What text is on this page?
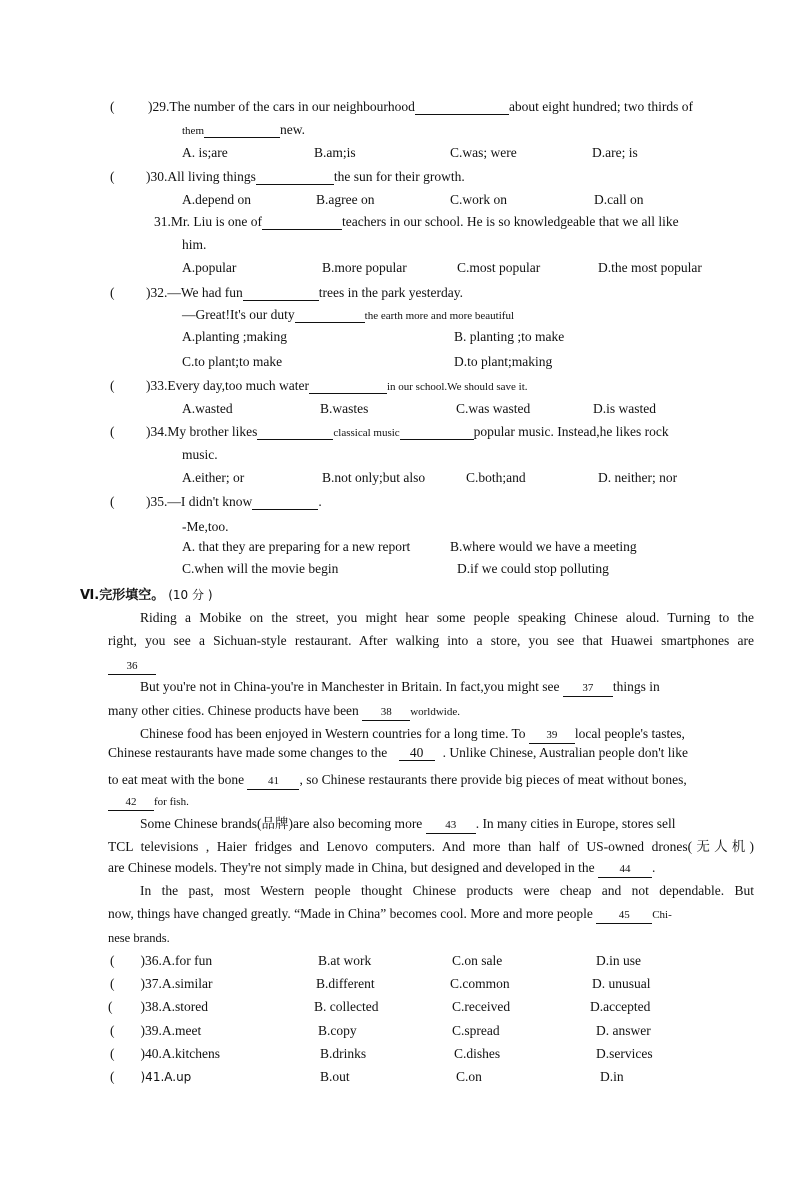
( )29.The number of the cars in our neighbourhood	about eight hundred; two thirds of
them	new.
A. is;are	B.am;is	C.was; were	D.are; is
( )30.All living things	the sun for their growth.
A.depend on	B.agree on	C.work on	D.call on
31.Mr. Liu is one of	teachers in our school. He is so knowledgeable that we all like
him.
A.popular	B.more popular	C.most popular	D.the most popular
( )32.—We had fun	trees in the park yesterday.
—Great!It's our duty	the earth more and more beautiful
A.planting ;making	B. planting ;to make
C.to plant;to make	D.to plant;making
( )33.Every day,too much water	in our school.We should save it.
A.wasted	B.wastes	C.was wasted	D.is wasted
( )34.My brother likes	classical music	popular music. Instead,he likes rock
music.
A.either; or	B.not only;but also	C.both;and	D. neither; nor
( )35.—I didn't know	.
-Me,too.
A. that they are preparing for a new report	B.where would we have a meeting
C.when will the movie begin	D.if we could stop polluting
Ⅵ.完形填空。 (10 分 )
Riding a Mobike on the street, you might hear some people speaking Chinese aloud. Turning to the
right, you see a Sichuan-style restaurant. After walking into a store, you see that Huawei smartphones are
36
But you're not in China-you're in Manchester in Britain. In fact,you might see 37 things in
many other cities. Chinese products have been 38 worldwide.
Chinese food has been enjoyed in Western countries for a long time. To 39 local people's tastes,
Chinese restaurants have made some changes to the 40 . Unlike Chinese, Australian people don't like
to eat meat with the bone 41 , so Chinese restaurants there provide big pieces of meat without bones,
42 for fish.
Some Chinese brands(品牌)are also becoming more 43 . In many cities in Europe, stores sell
TCL televisions , Haier fridges and Lenovo computers. And more than half of US-owned drones(无人机)
are Chinese models. They're not simply made in China, but designed and developed in the 44 .
In the past, most Western people thought Chinese products were cheap and not dependable. But
now, things have changed greatly. “Made in China” becomes cool. More and more people 45 Chi-
nese brands.
( )36.A.for fun	B.at work	C.on sale	D.in use
( )37.A.similar	B.different	C.common	D. unusual
( )38.A.stored	B. collected	C.received	D.accepted
( )39.A.meet	B.copy	C.spread	D. answer
( )40.A.kitchens	B.drinks	C.dishes	D.services
( )41.A.up	B.out	C.on	D.in
